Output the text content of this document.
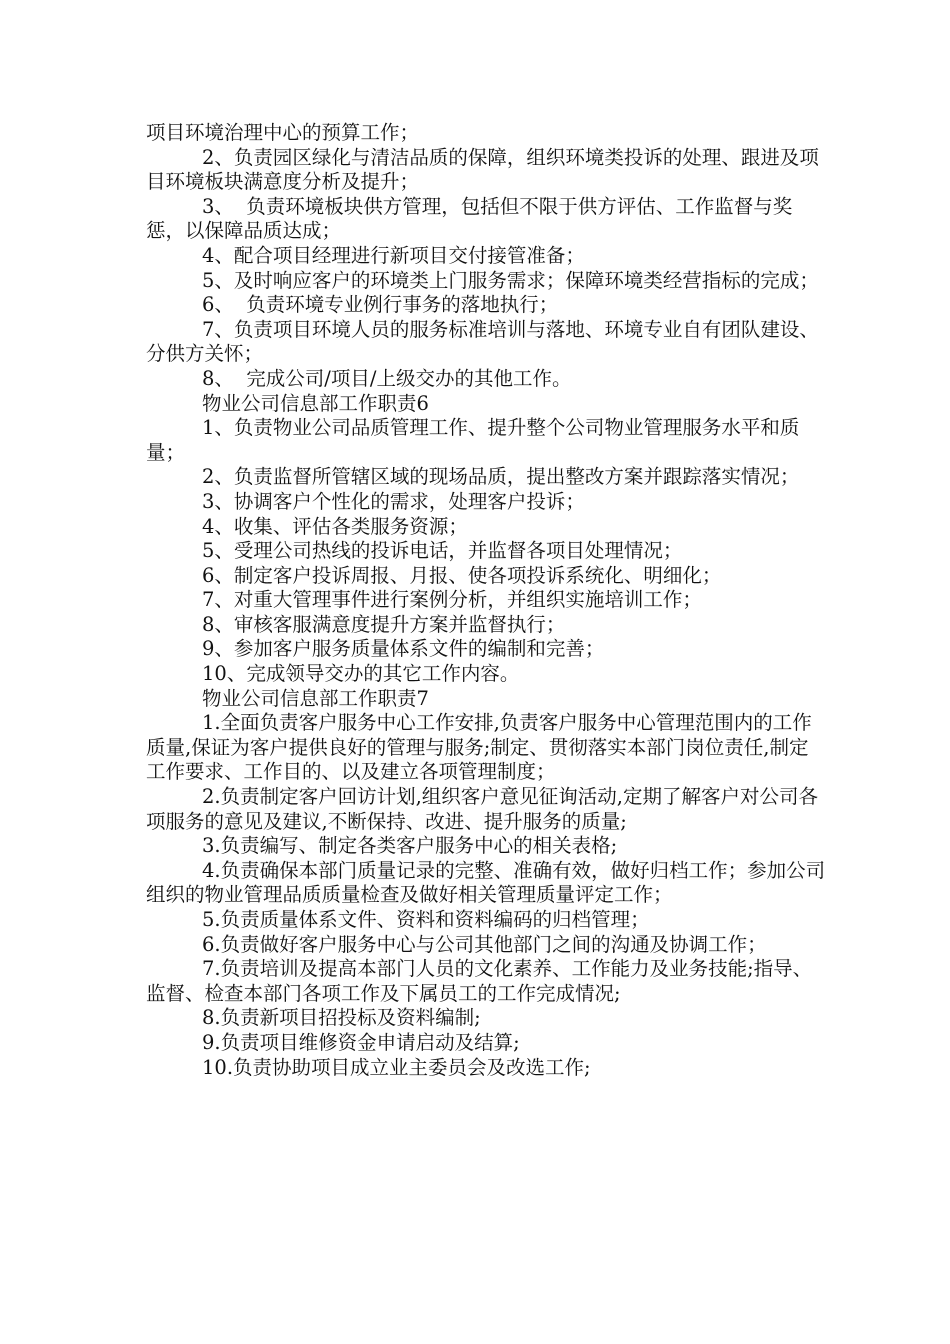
项目环境治理中心的预算工作；

2、负责园区绿化与清洁品质的保障，组织环境类投诉的处理、跟进及项目环境板块满意度分析及提升；

3、  负责环境板块供方管理，包括但不限于供方评估、工作监督与奖惩，以保障品质达成；

4、配合项目经理进行新项目交付接管准备；

5、及时响应客户的环境类上门服务需求；保障环境类经营指标的完成；

6、  负责环境专业例行事务的落地执行；

7、负责项目环境人员的服务标准培训与落地、环境专业自有团队建设、分供方关怀；

8、  完成公司/项目/上级交办的其他工作。

物业公司信息部工作职责6

1、负责物业公司品质管理工作、提升整个公司物业管理服务水平和质量；

2、负责监督所管辖区域的现场品质，提出整改方案并跟踪落实情况；

3、协调客户个性化的需求，处理客户投诉；

4、收集、评估各类服务资源；

5、受理公司热线的投诉电话，并监督各项目处理情况；

6、制定客户投诉周报、月报、使各项投诉系统化、明细化；

7、对重大管理事件进行案例分析，并组织实施培训工作；

8、审核客服满意度提升方案并监督执行；

9、参加客户服务质量体系文件的编制和完善；

10、完成领导交办的其它工作内容。

物业公司信息部工作职责7

1.全面负责客户服务中心工作安排,负责客户服务中心管理范围内的工作质量,保证为客户提供良好的管理与服务;制定、贯彻落实本部门岗位责任,制定工作要求、工作目的、以及建立各项管理制度；

2.负责制定客户回访计划,组织客户意见征询活动,定期了解客户对公司各项服务的意见及建议,不断保持、改进、提升服务的质量;

3.负责编写、制定各类客户服务中心的相关表格;

4.负责确保本部门质量记录的完整、准确有效，做好归档工作；参加公司组织的物业管理品质质量检查及做好相关管理质量评定工作；

5.负责质量体系文件、资料和资料编码的归档管理；

6.负责做好客户服务中心与公司其他部门之间的沟通及协调工作；

7.负责培训及提高本部门人员的文化素养、工作能力及业务技能;指导、监督、检查本部门各项工作及下属员工的工作完成情况;

8.负责新项目招投标及资料编制;

9.负责项目维修资金申请启动及结算;

10.负责协助项目成立业主委员会及改选工作;
